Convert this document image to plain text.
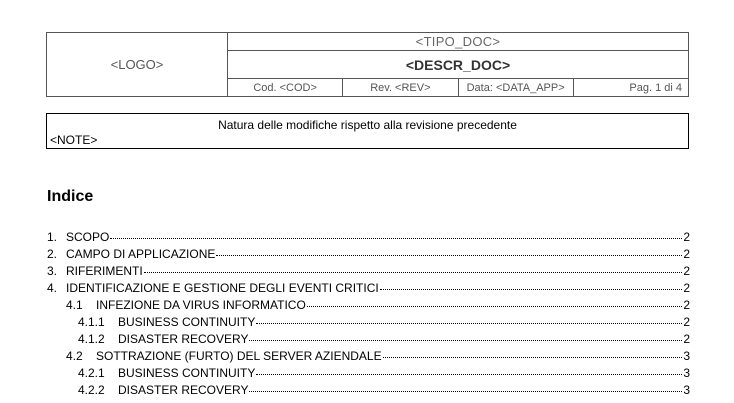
<LOGO>	<TIPO_DOC>			
	<DESCR_DOC>			
	Cod. <COD>	Rev. <REV>	Data: <DATA_APP>	Pag. 1 di 4
Natura delle modifiche rispetto alla revisione precedente
<NOTE>
Indice
1. SCOPO	2
2. CAMPO DI APPLICAZIONE	2
3. RIFERIMENTI	2
4. IDENTIFICAZIONE E GESTIONE DEGLI EVENTI CRITICI	2
4.1	INFEZIONE DA VIRUS INFORMATICO	2
4.1.1	BUSINESS CONTINUITY	2
4.1.2	DISASTER RECOVERY	2
4.2	SOTTRAZIONE (FURTO) DEL SERVER AZIENDALE	3
4.2.1	BUSINESS CONTINUITY	3
4.2.2	DISASTER RECOVERY	3
